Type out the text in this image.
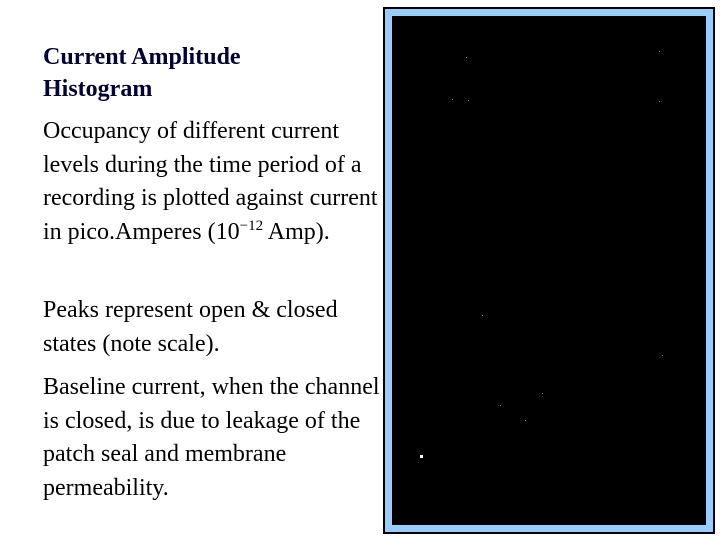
Current Amplitude
Histogram
Occupancy of different current levels during the time period of a recording is plotted against current in pico.Amperes ($10^{-12}$ Amp).
Peaks represent open & closed states (note scale).
Baseline current, when the channel is closed, is due to leakage of the patch seal and membrane permeability.
